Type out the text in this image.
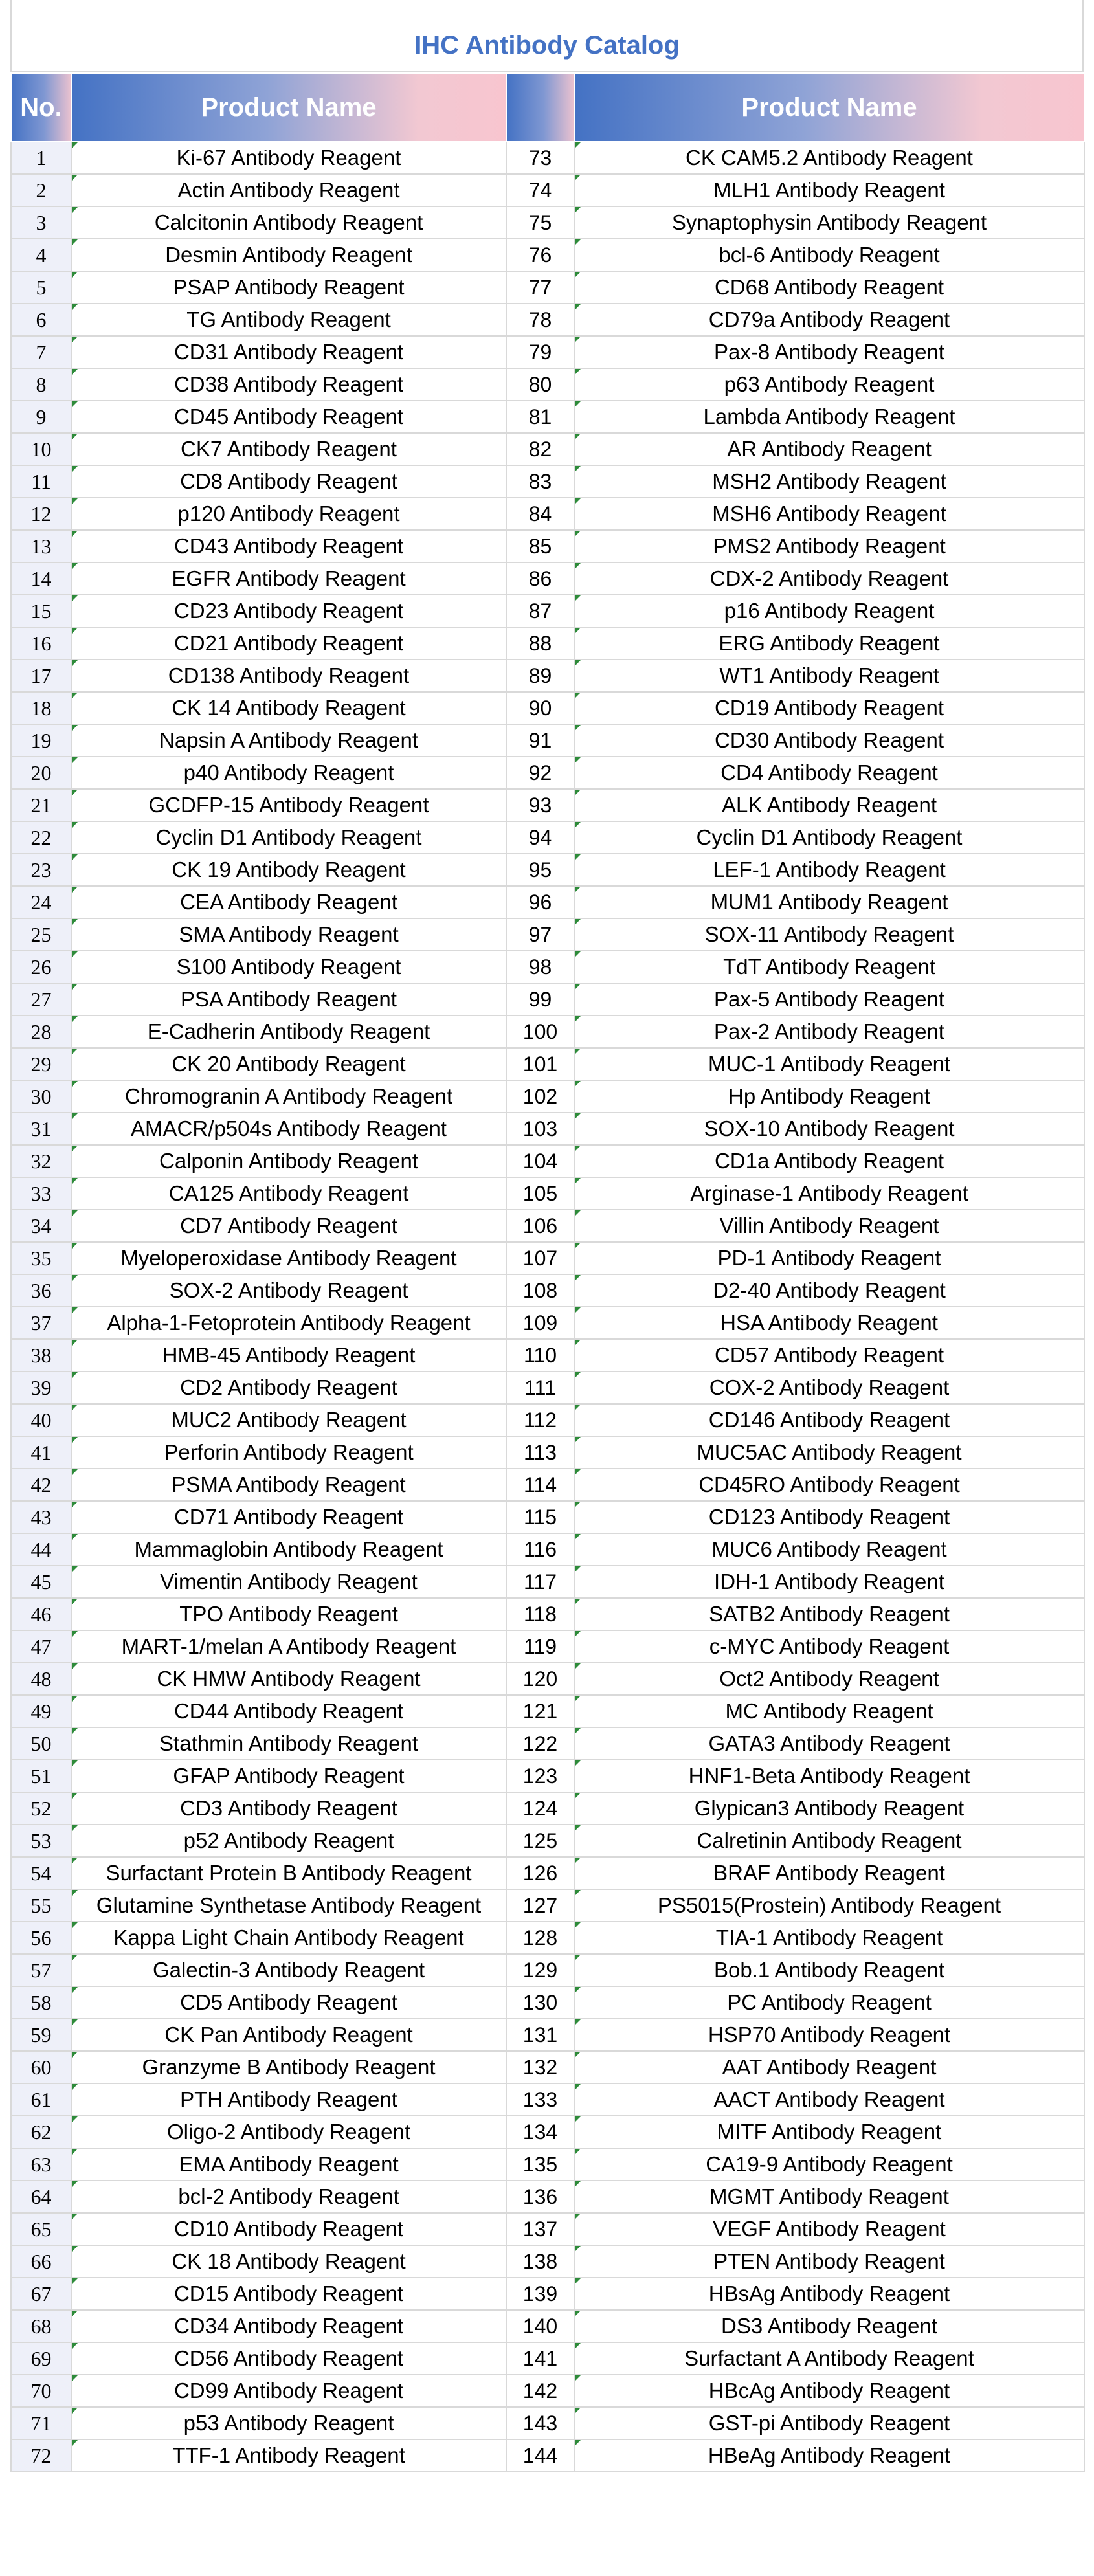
IHC Antibody Catalog
No.	Product Name		Product Name
1	Ki-67 Antibody Reagent	73	CK CAM5.2 Antibody Reagent
2	Actin Antibody Reagent	74	MLH1 Antibody Reagent
3	Calcitonin Antibody Reagent	75	Synaptophysin Antibody Reagent
4	Desmin Antibody Reagent	76	bcl-6 Antibody Reagent
5	PSAP Antibody Reagent	77	CD68 Antibody Reagent
6	TG Antibody Reagent	78	CD79a Antibody Reagent
7	CD31 Antibody Reagent	79	Pax-8 Antibody Reagent
8	CD38 Antibody Reagent	80	p63 Antibody Reagent
9	CD45 Antibody Reagent	81	Lambda Antibody Reagent
10	CK7 Antibody Reagent	82	AR Antibody Reagent
11	CD8 Antibody Reagent	83	MSH2 Antibody Reagent
12	p120 Antibody Reagent	84	MSH6 Antibody Reagent
13	CD43 Antibody Reagent	85	PMS2 Antibody Reagent
14	EGFR Antibody Reagent	86	CDX-2 Antibody Reagent
15	CD23 Antibody Reagent	87	p16 Antibody Reagent
16	CD21 Antibody Reagent	88	ERG Antibody Reagent
17	CD138 Antibody Reagent	89	WT1 Antibody Reagent
18	CK 14 Antibody Reagent	90	CD19 Antibody Reagent
19	Napsin A Antibody Reagent	91	CD30 Antibody Reagent
20	p40 Antibody Reagent	92	CD4 Antibody Reagent
21	GCDFP-15 Antibody Reagent	93	ALK Antibody Reagent
22	Cyclin D1 Antibody Reagent	94	Cyclin D1 Antibody Reagent
23	CK 19 Antibody Reagent	95	LEF-1 Antibody Reagent
24	CEA Antibody Reagent	96	MUM1 Antibody Reagent
25	SMA Antibody Reagent	97	SOX-11 Antibody Reagent
26	S100 Antibody Reagent	98	TdT Antibody Reagent
27	PSA Antibody Reagent	99	Pax-5 Antibody Reagent
28	E-Cadherin Antibody Reagent	100	Pax-2 Antibody Reagent
29	CK 20 Antibody Reagent	101	MUC-1 Antibody Reagent
30	Chromogranin A Antibody Reagent	102	Hp Antibody Reagent
31	AMACR/p504s Antibody Reagent	103	SOX-10 Antibody Reagent
32	Calponin Antibody Reagent	104	CD1a Antibody Reagent
33	CA125 Antibody Reagent	105	Arginase-1 Antibody Reagent
34	CD7 Antibody Reagent	106	Villin Antibody Reagent
35	Myeloperoxidase Antibody Reagent	107	PD-1 Antibody Reagent
36	SOX-2 Antibody Reagent	108	D2-40 Antibody Reagent
37	Alpha-1-Fetoprotein Antibody Reagent	109	HSA Antibody Reagent
38	HMB-45 Antibody Reagent	110	CD57 Antibody Reagent
39	CD2 Antibody Reagent	111	COX-2 Antibody Reagent
40	MUC2 Antibody Reagent	112	CD146 Antibody Reagent
41	Perforin Antibody Reagent	113	MUC5AC Antibody Reagent
42	PSMA Antibody Reagent	114	CD45RO Antibody Reagent
43	CD71 Antibody Reagent	115	CD123 Antibody Reagent
44	Mammaglobin Antibody Reagent	116	MUC6 Antibody Reagent
45	Vimentin Antibody Reagent	117	IDH-1 Antibody Reagent
46	TPO Antibody Reagent	118	SATB2 Antibody Reagent
47	MART-1/melan A Antibody Reagent	119	c-MYC Antibody Reagent
48	CK HMW Antibody Reagent	120	Oct2 Antibody Reagent
49	CD44 Antibody Reagent	121	MC Antibody Reagent
50	Stathmin Antibody Reagent	122	GATA3 Antibody Reagent
51	GFAP Antibody Reagent	123	HNF1-Beta Antibody Reagent
52	CD3 Antibody Reagent	124	Glypican3 Antibody Reagent
53	p52 Antibody Reagent	125	Calretinin Antibody Reagent
54	Surfactant Protein B Antibody Reagent	126	BRAF Antibody Reagent
55	Glutamine Synthetase Antibody Reagent	127	PS5015(Prostein) Antibody Reagent
56	Kappa Light Chain Antibody Reagent	128	TIA-1 Antibody Reagent
57	Galectin-3 Antibody Reagent	129	Bob.1 Antibody Reagent
58	CD5 Antibody Reagent	130	PC Antibody Reagent
59	CK Pan Antibody Reagent	131	HSP70 Antibody Reagent
60	Granzyme B Antibody Reagent	132	AAT Antibody Reagent
61	PTH Antibody Reagent	133	AACT Antibody Reagent
62	Oligo-2 Antibody Reagent	134	MITF Antibody Reagent
63	EMA Antibody Reagent	135	CA19-9 Antibody Reagent
64	bcl-2 Antibody Reagent	136	MGMT Antibody Reagent
65	CD10 Antibody Reagent	137	VEGF Antibody Reagent
66	CK 18 Antibody Reagent	138	PTEN Antibody Reagent
67	CD15 Antibody Reagent	139	HBsAg Antibody Reagent
68	CD34 Antibody Reagent	140	DS3 Antibody Reagent
69	CD56 Antibody Reagent	141	Surfactant A Antibody Reagent
70	CD99 Antibody Reagent	142	HBcAg Antibody Reagent
71	p53 Antibody Reagent	143	GST-pi Antibody Reagent
72	TTF-1 Antibody Reagent	144	HBeAg Antibody Reagent
